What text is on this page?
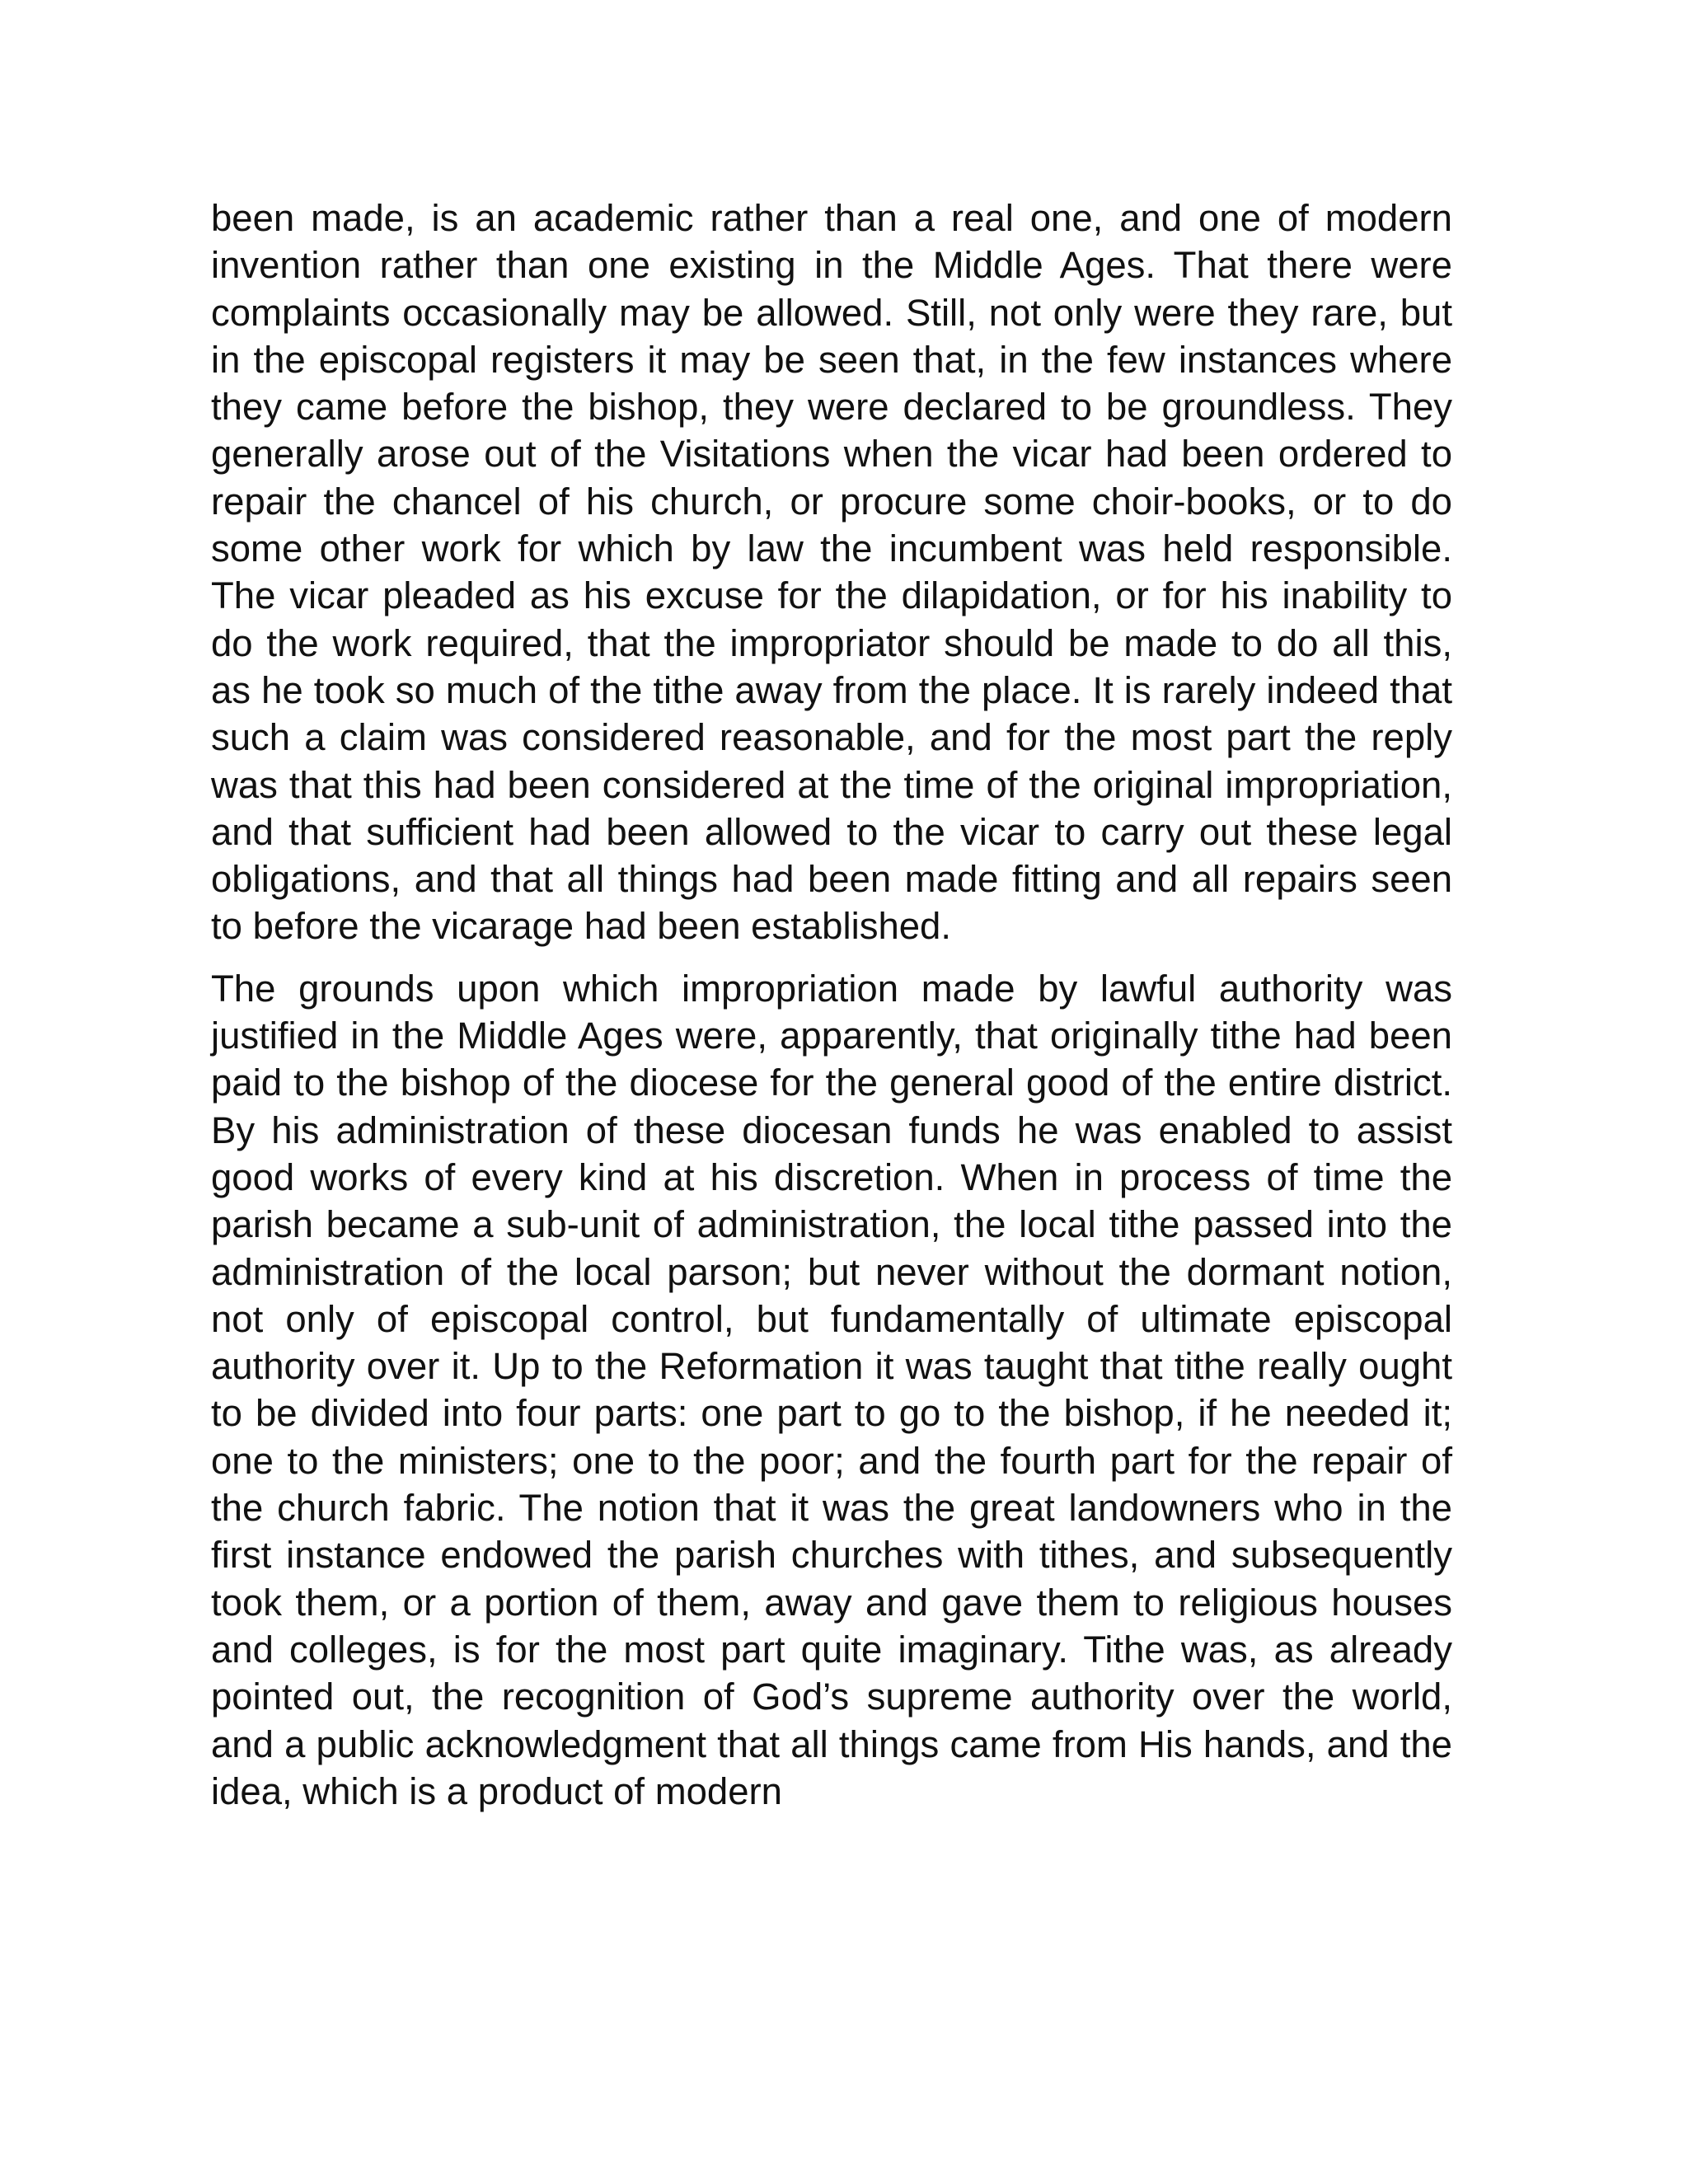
been made, is an academic rather than a real one, and one of modern invention rather than one existing in the Middle Ages. That there were complaints occasionally may be allowed. Still, not only were they rare, but in the episcopal registers it may be seen that, in the few instances where they came before the bishop, they were declared to be groundless. They generally arose out of the Visitations when the vicar had been ordered to repair the chancel of his church, or procure some choir-books, or to do some other work for which by law the incumbent was held responsible. The vicar pleaded as his excuse for the dilapidation, or for his inability to do the work required, that the impropriator should be made to do all this, as he took so much of the tithe away from the place. It is rarely indeed that such a claim was considered reasonable, and for the most part the reply was that this had been considered at the time of the original impropriation, and that sufficient had been allowed to the vicar to carry out these legal obligations, and that all things had been made fitting and all repairs seen to before the vicarage had been established.

The grounds upon which impropriation made by lawful authority was justified in the Middle Ages were, apparently, that originally tithe had been paid to the bishop of the diocese for the general good of the entire district. By his administration of these diocesan funds he was enabled to assist good works of every kind at his discretion. When in process of time the parish became a sub-unit of administration, the local tithe passed into the administration of the local parson; but never without the dormant notion, not only of episcopal control, but fundamentally of ultimate episcopal authority over it. Up to the Reformation it was taught that tithe really ought to be divided into four parts: one part to go to the bishop, if he needed it; one to the ministers; one to the poor; and the fourth part for the repair of the church fabric. The notion that it was the great landowners who in the first instance endowed the parish churches with tithes, and subsequently took them, or a portion of them, away and gave them to religious houses and colleges, is for the most part quite imaginary. Tithe was, as already pointed out, the recognition of God’s supreme authority over the world, and a public acknowledgment that all things came from His hands, and the idea, which is a product of modern
